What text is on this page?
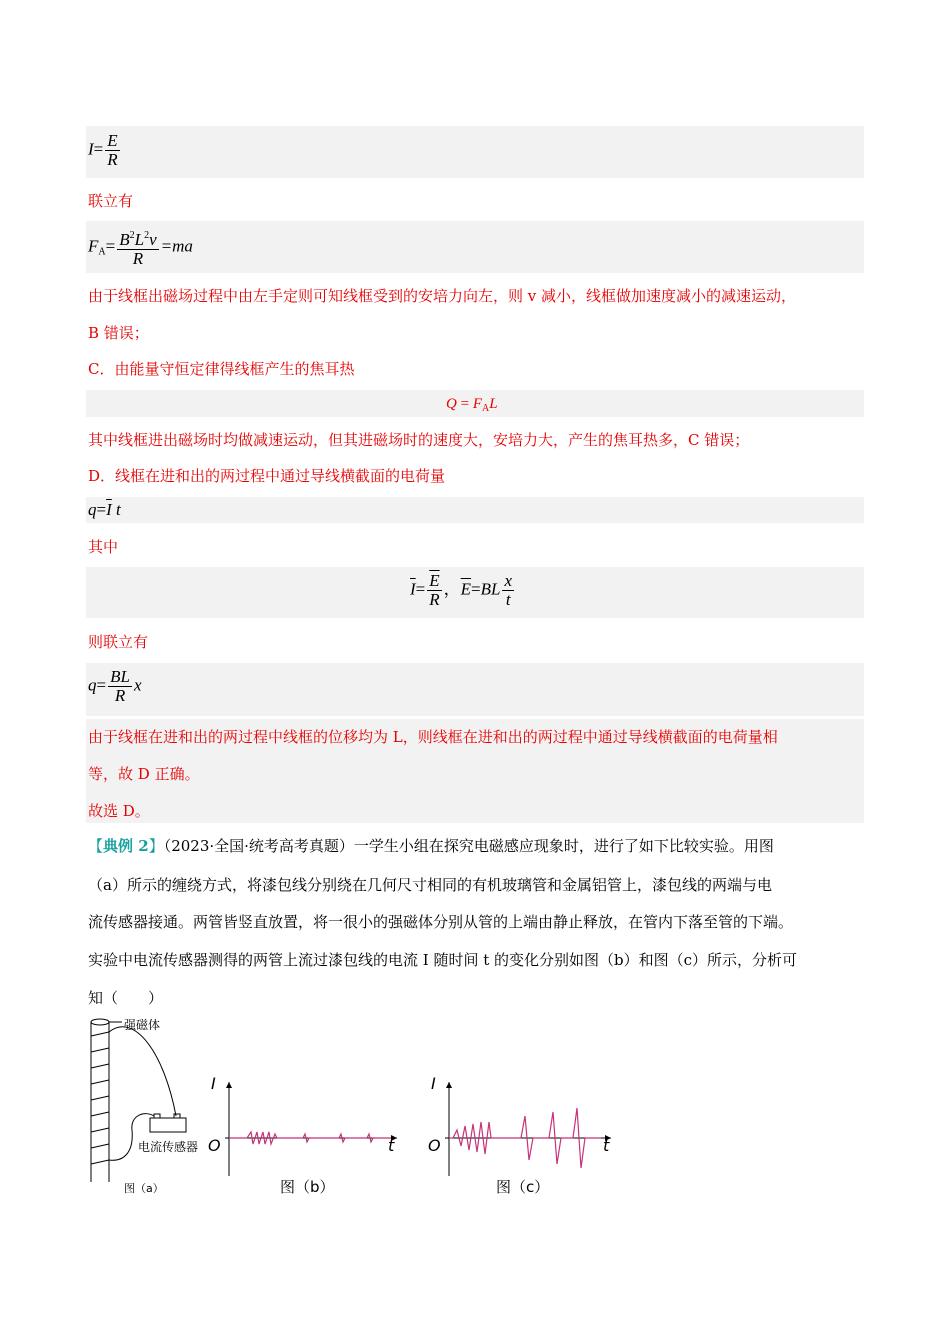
$I= \frac{E}{R}$
联立有
$F_A= \frac{B^2L^2v}{R} =ma$
由于线框出磁场过程中由左手定则可知线框受到的安培力向左，则 v 减小，线框做加速度减小的减速运动，
B 错误；
C．由能量守恒定律得线框产生的焦耳热
$Q = F_AL$
其中线框进出磁场时均做减速运动，但其进磁场时的速度大，安培力大，产生的焦耳热多，C 错误；
D．线框在进和出的两过程中通过导线横截面的电荷量
$q=\overline{I}$ t
其中
$\overline{I}= \frac{\overline{E}}{R}$ ，$\overline{E}=BL \frac{x}{t}$
则联立有
$q= \frac{BL}{R}$ x
由于线框在进和出的两过程中线框的位移均为 L，则线框在进和出的两过程中通过导线横截面的电荷量相
等，故 D 正确。
故选 D。
【典例 2】（2023·全国·统考高考真题）一学生小组在探究电磁感应现象时，进行了如下比较实验。用图
（a）所示的缠绕方式，将漆包线分别绕在几何尺寸相同的有机玻璃管和金属铝管上，漆包线的两端与电
流传感器接通。两管皆竖直放置，将一很小的强磁体分别从管的上端由静止释放，在管内下落至管的下端。
实验中电流传感器测得的两管上流过漆包线的电流 I 随时间 t 的变化分别如图（b）和图（c）所示，分析可
知（　　）
强磁体
电流传感器
图（a）
I
O	t
图（b）
I
O	t
图（c）
